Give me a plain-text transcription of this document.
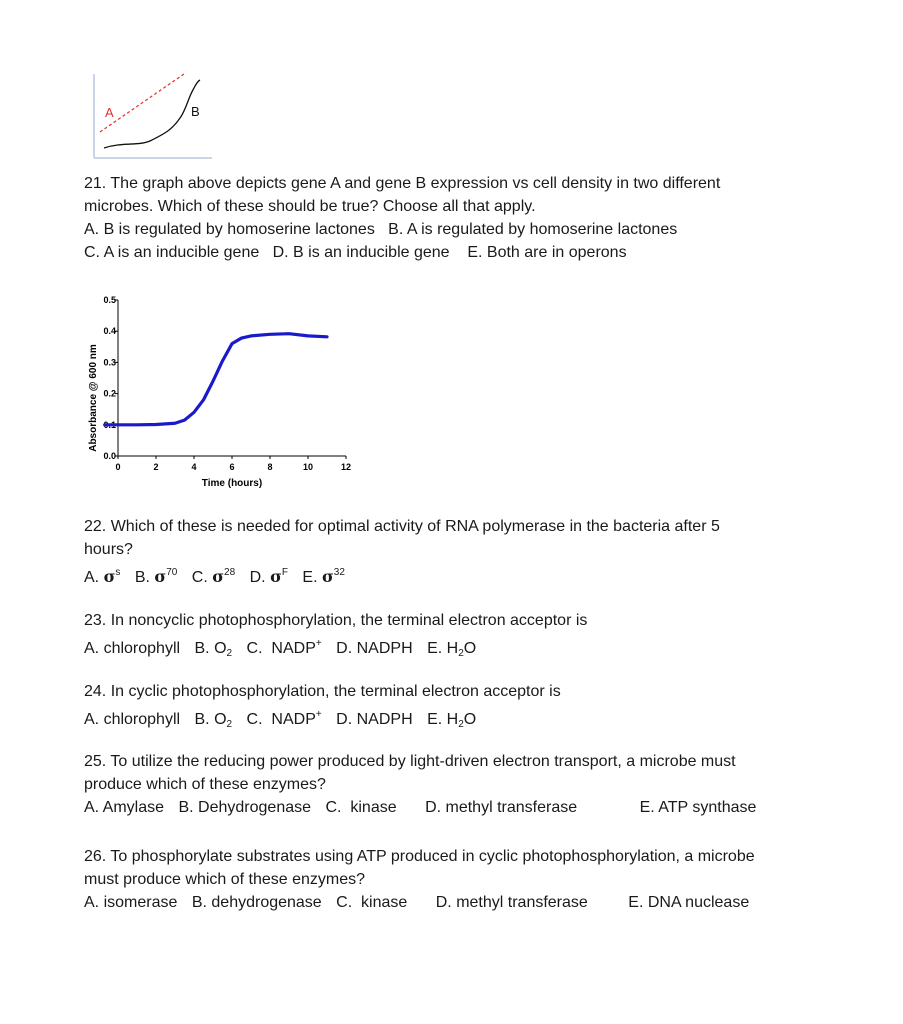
A	B

21. The graph above depicts gene A and gene B expression vs cell density in two different

microbes. Which of these should be true? Choose all that apply.

A. B is regulated by homoserine lactones   B. A is regulated by homoserine lactones

C. A is an inducible gene   D. B is an inducible gene    E. Both are in operons

0.0
0.1
0.2
0.3
0.4
0.5
0	2	4	6	8	10	12
Time (hours)
Absorbance @ 600 nm

22. Which of these is needed for optimal activity of RNA polymerase in the bacteria after 5

hours?

A. $\sigma^s$ B. $\sigma^{70}$ C. $\sigma^{28}$ D. $\sigma^F$ E. $\sigma^{32}$

23. In noncyclic photophosphorylation, the terminal electron acceptor is

A. chlorophyll B. $O_2$ C.  NADP+ D. NADPH E. $H_2O$

24. In cyclic photophosphorylation, the terminal electron acceptor is

A. chlorophyll B. $O_2$ C.  NADP+ D. NADPH E. $H_2O$

25. To utilize the reducing power produced by light-driven electron transport, a microbe must

produce which of these enzymes?

A. Amylase B. Dehydrogenase C.  kinase D. methyl transferase	E. ATP synthase

26. To phosphorylate substrates using ATP produced in cyclic photophosphorylation, a microbe

must produce which of these enzymes?

A. isomerase B. dehydrogenase C.  kinase D. methyl transferase	E. DNA nuclease
